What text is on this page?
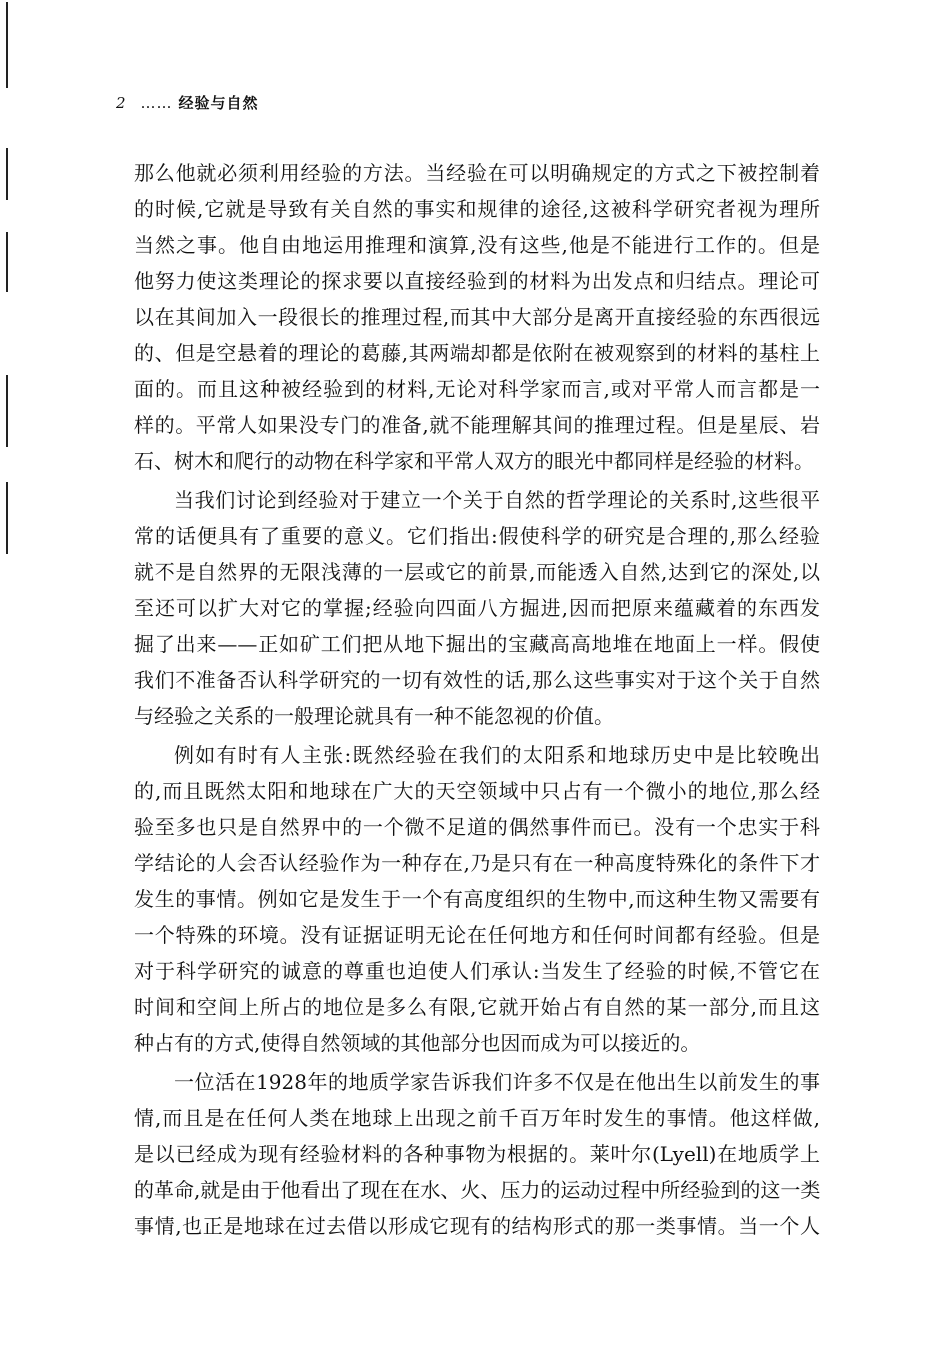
2 …… 经验与自然
那么他就必须利用经验的方法。当经验在可以明确规定的方式之下被控制着
的时候,它就是导致有关自然的事实和规律的途径,这被科学研究者视为理所
当然之事。他自由地运用推理和演算,没有这些,他是不能进行工作的。但是
他努力使这类理论的探求要以直接经验到的材料为出发点和归结点。理论可
以在其间加入一段很长的推理过程,而其中大部分是离开直接经验的东西很远
的、但是空悬着的理论的葛藤,其两端却都是依附在被观察到的材料的基柱上
面的。而且这种被经验到的材料,无论对科学家而言,或对平常人而言都是一
样的。平常人如果没专门的准备,就不能理解其间的推理过程。但是星辰、岩
石、树木和爬行的动物在科学家和平常人双方的眼光中都同样是经验的材料。
当我们讨论到经验对于建立一个关于自然的哲学理论的关系时,这些很平
常的话便具有了重要的意义。它们指出:假使科学的研究是合理的,那么经验
就不是自然界的无限浅薄的一层或它的前景,而能透入自然,达到它的深处,以
至还可以扩大对它的掌握;经验向四面八方掘进,因而把原来蕴藏着的东西发
掘了出来——正如矿工们把从地下掘出的宝藏高高地堆在地面上一样。假使
我们不准备否认科学研究的一切有效性的话,那么这些事实对于这个关于自然
与经验之关系的一般理论就具有一种不能忽视的价值。
例如有时有人主张:既然经验在我们的太阳系和地球历史中是比较晚出
的,而且既然太阳和地球在广大的天空领域中只占有一个微小的地位,那么经
验至多也只是自然界中的一个微不足道的偶然事件而已。没有一个忠实于科
学结论的人会否认经验作为一种存在,乃是只有在一种高度特殊化的条件下才
发生的事情。例如它是发生于一个有高度组织的生物中,而这种生物又需要有
一个特殊的环境。没有证据证明无论在任何地方和任何时间都有经验。但是
对于科学研究的诚意的尊重也迫使人们承认:当发生了经验的时候,不管它在
时间和空间上所占的地位是多么有限,它就开始占有自然的某一部分,而且这
种占有的方式,使得自然领域的其他部分也因而成为可以接近的。
一位活在1928年的地质学家告诉我们许多不仅是在他出生以前发生的事
情,而且是在任何人类在地球上出现之前千百万年时发生的事情。他这样做,
是以已经成为现有经验材料的各种事物为根据的。莱叶尔(Lyell)在地质学上
的革命,就是由于他看出了现在在水、火、压力的运动过程中所经验到的这一类
事情,也正是地球在过去借以形成它现有的结构形式的那一类事情。当一个人
